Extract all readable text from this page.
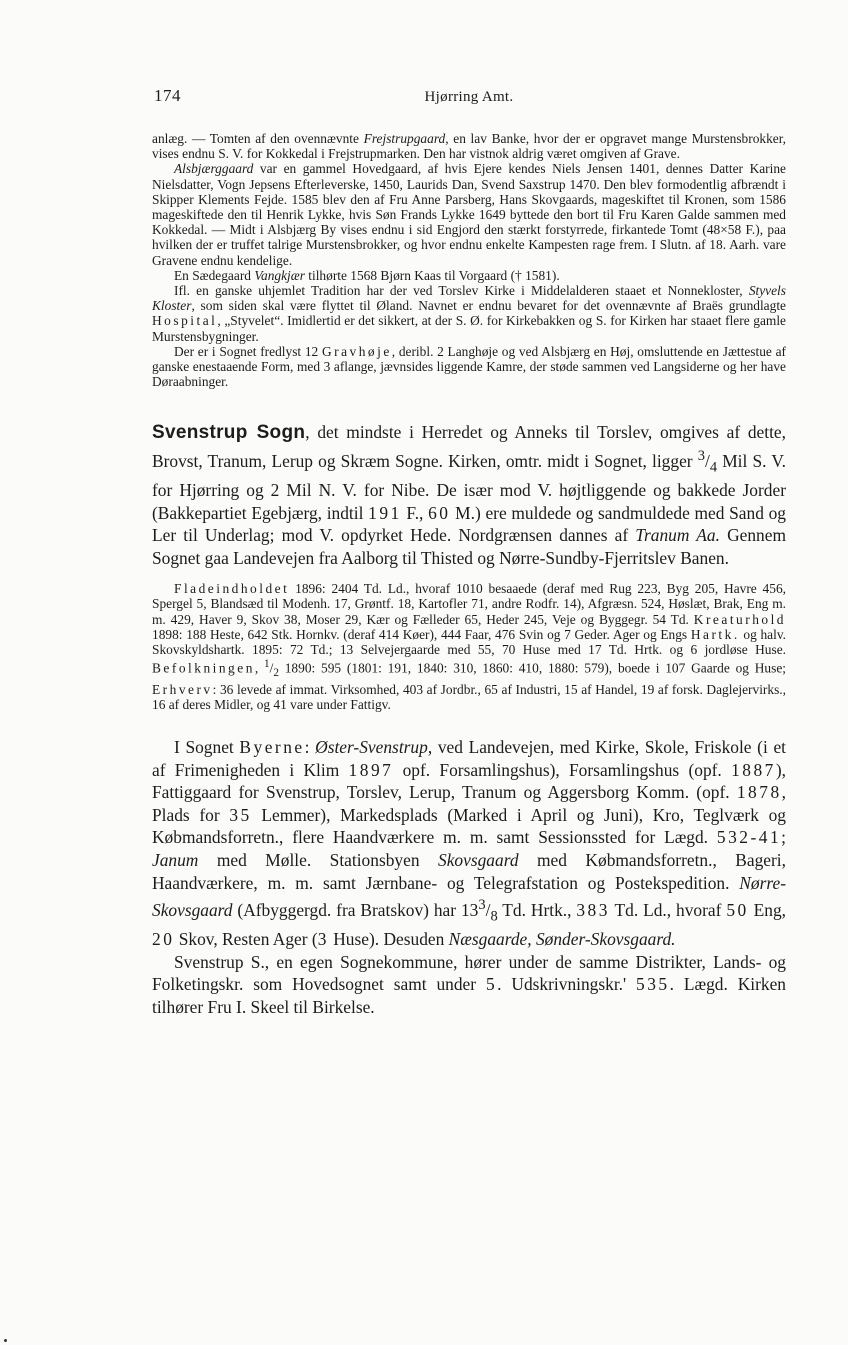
174	Hjørring Amt.

anlæg. — Tomten af den ovennævnte Frejstrupgaard, en lav Banke, hvor der er opgravet mange Murstensbrokker, vises endnu S. V. for Kokkedal i Frejstrupmarken. Den har vistnok aldrig været omgiven af Grave.

Alsbjærggaard var en gammel Hovedgaard, af hvis Ejere kendes Niels Jensen 1401, dennes Datter Karine Nielsdatter, Vogn Jepsens Efterleverske, 1450, Laurids Dan, Svend Saxstrup 1470. Den blev formodentlig afbrændt i Skipper Klements Fejde. 1585 blev den af Fru Anne Parsberg, Hans Skovgaards, mageskiftet til Kronen, som 1586 mageskiftede den til Henrik Lykke, hvis Søn Frands Lykke 1649 byttede den bort til Fru Karen Galde sammen med Kokkedal. — Midt i Alsbjærg By vises endnu i sid Engjord den stærkt forstyrrede, firkantede Tomt (48×58 F.), paa hvilken der er truffet talrige Murstensbrokker, og hvor endnu enkelte Kampesten rage frem. I Slutn. af 18. Aarh. vare Gravene endnu kendelige.

En Sædegaard Vangkjær tilhørte 1568 Bjørn Kaas til Vorgaard († 1581).

Ifl. en ganske uhjemlet Tradition har der ved Torslev Kirke i Middelalderen staaet et Nonnekloster, Styvels Kloster, som siden skal være flyttet til Øland. Navnet er endnu bevaret for det ovennævnte af Braës grundlagte Hospital, „Styvelet“. Imidlertid er det sikkert, at der S. Ø. for Kirkebakken og S. for Kirken har staaet flere gamle Murstensbygninger.

Der er i Sognet fredlyst 12 Gravhøje, deribl. 2 Langhøje og ved Alsbjærg en Høj, omsluttende en Jættestue af ganske enestaaende Form, med 3 aflange, jævnsides liggende Kamre, der støde sammen ved Langsiderne og her have Døraabninger.

Svenstrup Sogn, det mindste i Herredet og Anneks til Torslev, omgives af dette, Brovst, Tranum, Lerup og Skræm Sogne. Kirken, omtr. midt i Sognet, ligger $^3/_4$ Mil S. V. for Hjørring og 2 Mil N. V. for Nibe. De især mod V. højtliggende og bakkede Jorder (Bakkepartiet Egebjærg, indtil 191 F., 60 M.) ere muldede og sandmuldede med Sand og Ler til Underlag; mod V. opdyrket Hede. Nordgrænsen dannes af Tranum Aa. Gennem Sognet gaa Landevejen fra Aalborg til Thisted og Nørre-Sundby-Fjerritslev Banen.

Fladeindholdet 1896: 2404 Td. Ld., hvoraf 1010 besaaede (deraf med Rug 223, Byg 205, Havre 456, Spergel 5, Blandsæd til Modenh. 17, Grøntf. 18, Kartofler 71, andre Rodfr. 14), Afgræsn. 524, Høslæt, Brak, Eng m. m. 429, Haver 9, Skov 38, Moser 29, Kær og Fælleder 65, Heder 245, Veje og Byggegr. 54 Td. Kreaturhold 1898: 188 Heste, 642 Stk. Hornkv. (deraf 414 Køer), 444 Faar, 476 Svin og 7 Geder. Ager og Engs Hartk. og halv. Skovskyldshartk. 1895: 72 Td.; 13 Selvejergaarde med 55, 70 Huse med 17 Td. Hrtk. og 6 jordløse Huse. Befolkningen, $^1/_2$ 1890: 595 (1801: 191, 1840: 310, 1860: 410, 1880: 579), boede i 107 Gaarde og Huse; Erhverv: 36 levede af immat. Virksomhed, 403 af Jordbr., 65 af Industri, 15 af Handel, 19 af forsk. Daglejervirks., 16 af deres Midler, og 41 vare under Fattigv.

I Sognet Byerne: Øster-Svenstrup, ved Landevejen, med Kirke, Skole, Friskole (i et af Frimenigheden i Klim 1897 opf. Forsamlingshus), Forsamlingshus (opf. 1887), Fattiggaard for Svenstrup, Torslev, Lerup, Tranum og Aggersborg Komm. (opf. 1878, Plads for 35 Lemmer), Markedsplads (Marked i April og Juni), Kro, Teglværk og Købmandsforretn., flere Haandværkere m. m. samt Sessionssted for Lægd. 532-41; Janum med Mølle. Stationsbyen Skovsgaard med Købmandsforretn., Bageri, Haandværkere, m. m. samt Jærnbane- og Telegrafstation og Postekspedition. Nørre-Skovsgaard (Afbyggergd. fra Bratskov) har $13^3/_8$ Td. Hrtk., 383 Td. Ld., hvoraf 50 Eng, 20 Skov, Resten Ager (3 Huse). Desuden Næsgaarde, Sønder-Skovsgaard.

Svenstrup S., en egen Sognekommune, hører under de samme Distrikter, Lands- og Folketingskr. som Hovedsognet samt under 5. Udskrivningskr.' 535. Lægd. Kirken tilhører Fru I. Skeel til Birkelse.
